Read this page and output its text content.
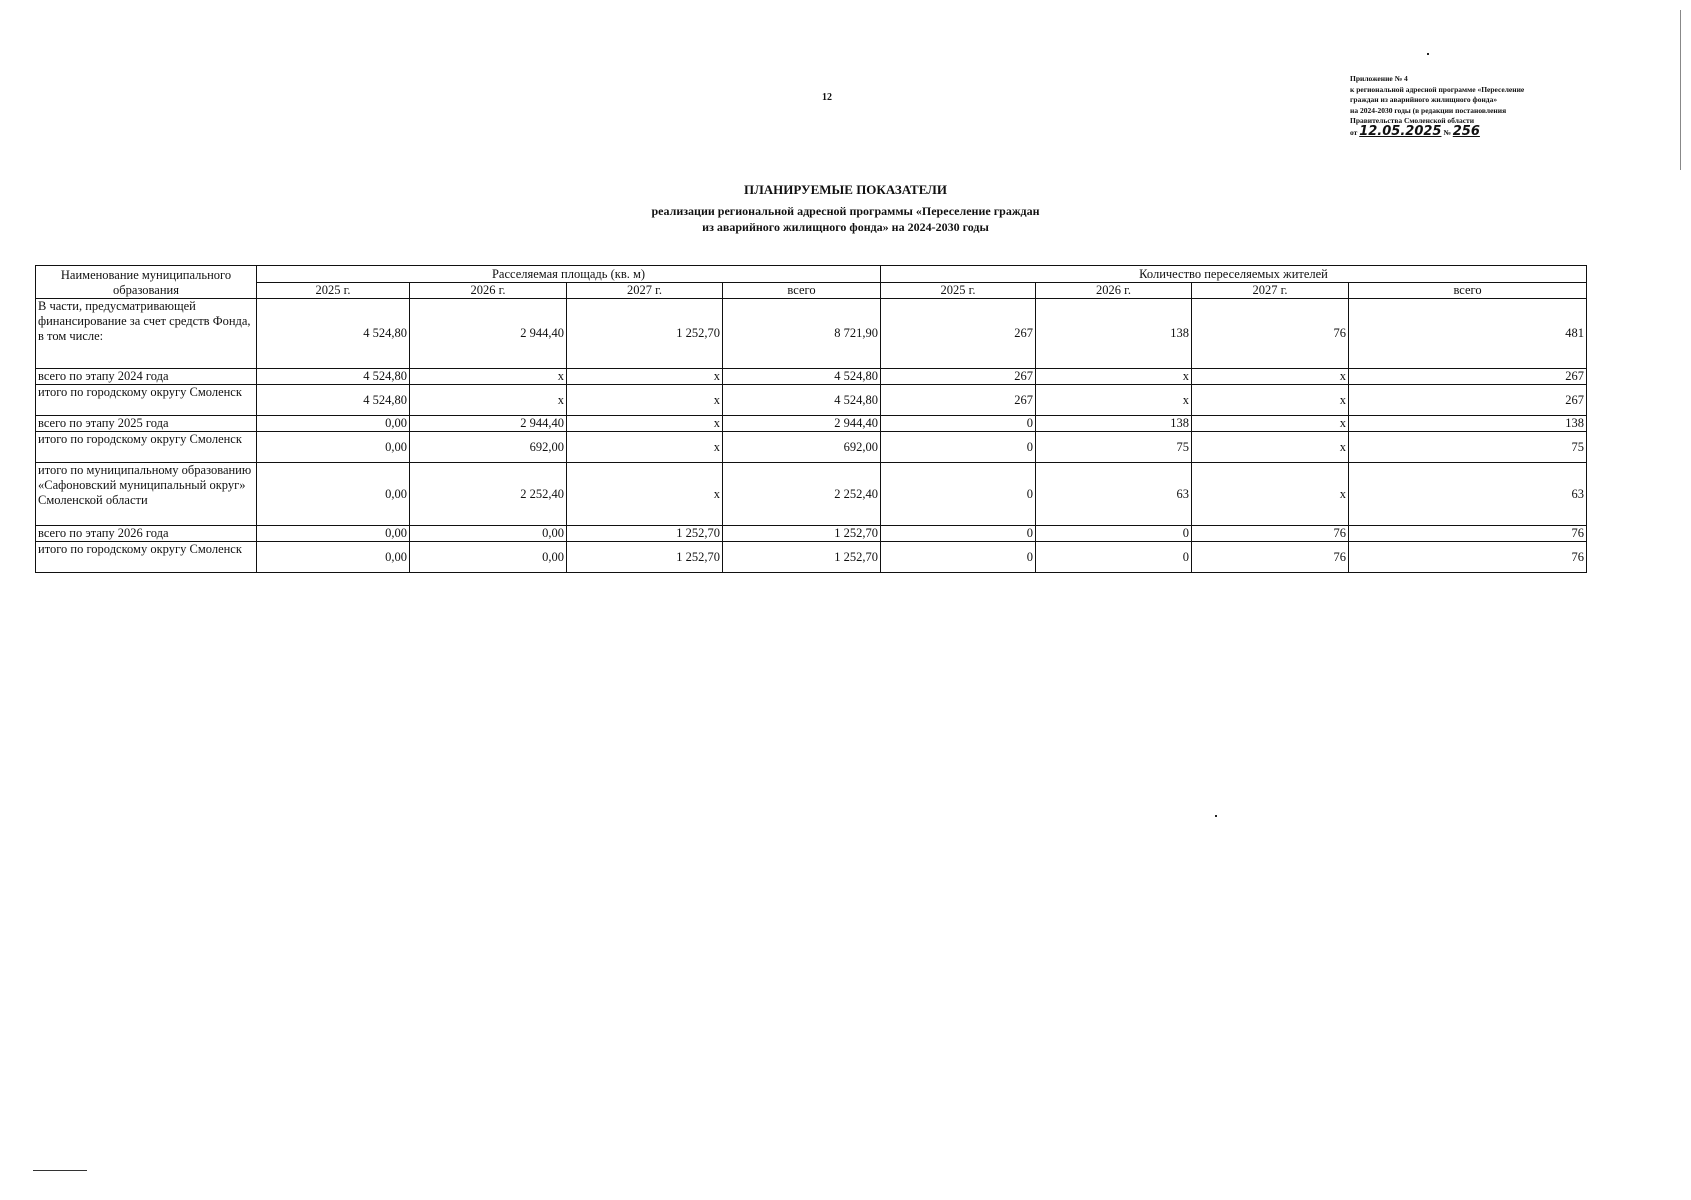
12
Приложение № 4
к региональной адресной программе «Переселение
граждан из аварийного жилищного фонда»
на 2024-2030 годы (в редакции постановления
Правительства Смоленской области
от 12.05.2025 № 256
ПЛАНИРУЕМЫЕ ПОКАЗАТЕЛИ
реализации региональной адресной программы «Переселение граждан
из аварийного жилищного фонда» на 2024-2030 годы
Наименование муниципального образования	Расселяемая площадь (кв. м)				Количество переселяемых жителей			
	2025 г.	2026 г.	2027 г.	всего	2025 г.	2026 г.	2027 г.	всего
В части, предусматривающей финансирование за счет средств Фонда, в том числе:	4 524,80	2 944,40	1 252,70	8 721,90	267	138	76	481
всего по этапу 2024 года	4 524,80	x	x	4 524,80	267	x	x	267
итого по городскому округу Смоленск	4 524,80	x	x	4 524,80	267	x	x	267
всего по этапу 2025 года	0,00	2 944,40	x	2 944,40	0	138	x	138
итого по городскому округу Смоленск	0,00	692,00	x	692,00	0	75	x	75
итого по муниципальному образованию «Сафоновский муниципальный округ» Смоленской области	0,00	2 252,40	x	2 252,40	0	63	x	63
всего по этапу 2026 года	0,00	0,00	1 252,70	1 252,70	0	0	76	76
итого по городскому округу Смоленск	0,00	0,00	1 252,70	1 252,70	0	0	76	76
